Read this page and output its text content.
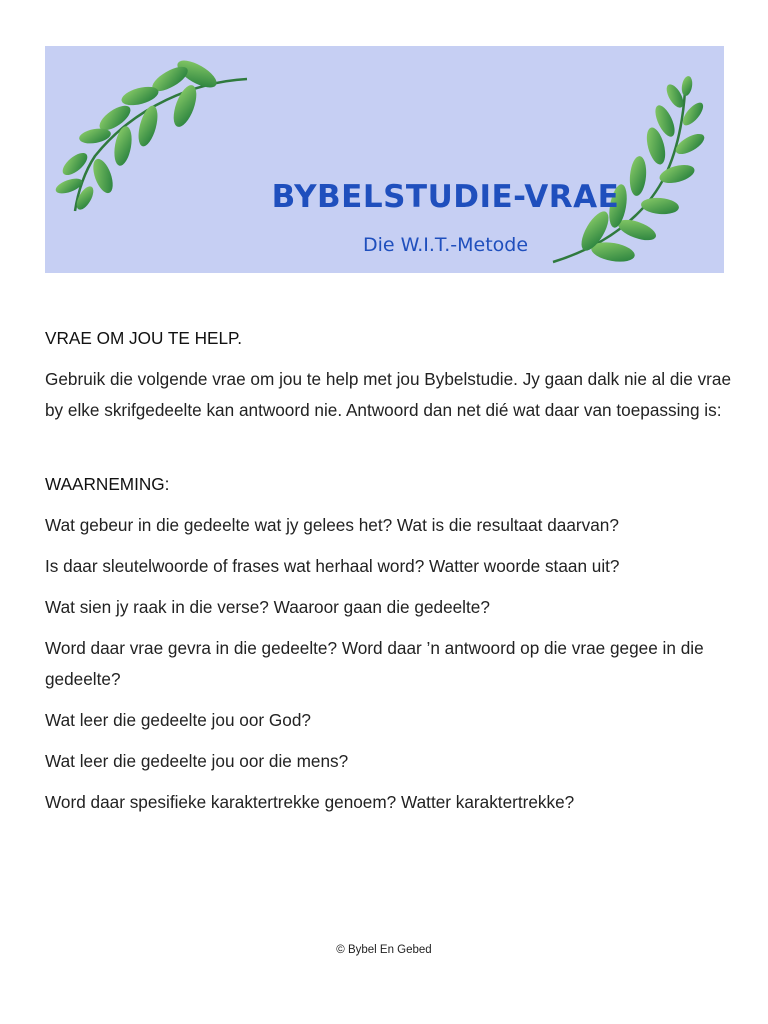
BYBELSTUDIE-VRAE
Die W.I.T.-Metode

VRAE OM JOU TE HELP.

Gebruik die volgende vrae om jou te help met jou Bybelstudie. Jy gaan dalk nie al die vrae by elke skrifgedeelte kan antwoord nie. Antwoord dan net dié wat daar van toepassing is:

WAARNEMING:

Wat gebeur in die gedeelte wat jy gelees het? Wat is die resultaat daarvan?

Is daar sleutelwoorde of frases wat herhaal word? Watter woorde staan uit?

Wat sien jy raak in die verse? Waaroor gaan die gedeelte?

Word daar vrae gevra in die gedeelte? Word daar ’n antwoord op die vrae gegee in die gedeelte?

Wat leer die gedeelte jou oor God?

Wat leer die gedeelte jou oor die mens?

Word daar spesifieke karaktertrekke genoem? Watter karaktertrekke?

© Bybel En Gebed
